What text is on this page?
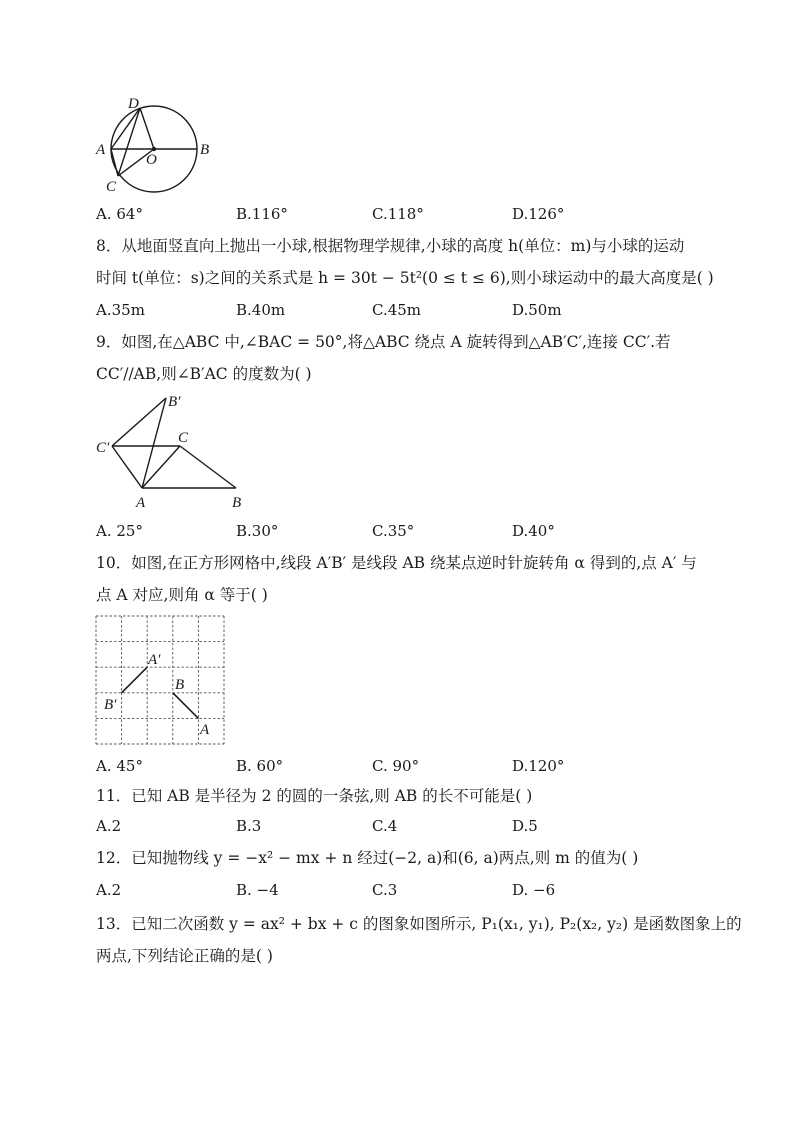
D
A
O
B
C
A. 64°	B.116°	C.118°	D.126°
8．从地面竖直向上抛出一小球,根据物理学规律,小球的高度 h(单位：m)与小球的运动
时间 t(单位：s)之间的关系式是 h = 30t − 5t²(0 ≤ t ≤ 6),则小球运动中的最大高度是( )
A.35m	B.40m	C.45m	D.50m
9．如图,在△ABC 中,∠BAC = 50°,将△ABC 绕点 A 旋转得到△AB′C′,连接 CC′.若
CC′//AB,则∠B′AC 的度数为( )
B′
C′
C
A	B
A. 25°	B.30°	C.35°	D.40°
10．如图,在正方形网格中,线段 A′B′ 是线段 AB 绕某点逆时针旋转角 α 得到的,点 A′ 与
点 A 对应,则角 α 等于( )
A′
B
B′
A
A. 45°	B. 60°	C. 90°	D.120°
11．已知 AB 是半径为 2 的圆的一条弦,则 AB 的长不可能是( )
A.2	B.3	C.4	D.5
12．已知抛物线 y = −x² − mx + n 经过(−2, a)和(6, a)两点,则 m 的值为( )
A.2	B. −4	C.3	D. −6
13．已知二次函数 y = ax² + bx + c 的图象如图所示, P₁(x₁, y₁), P₂(x₂, y₂) 是函数图象上的
两点,下列结论正确的是( )
